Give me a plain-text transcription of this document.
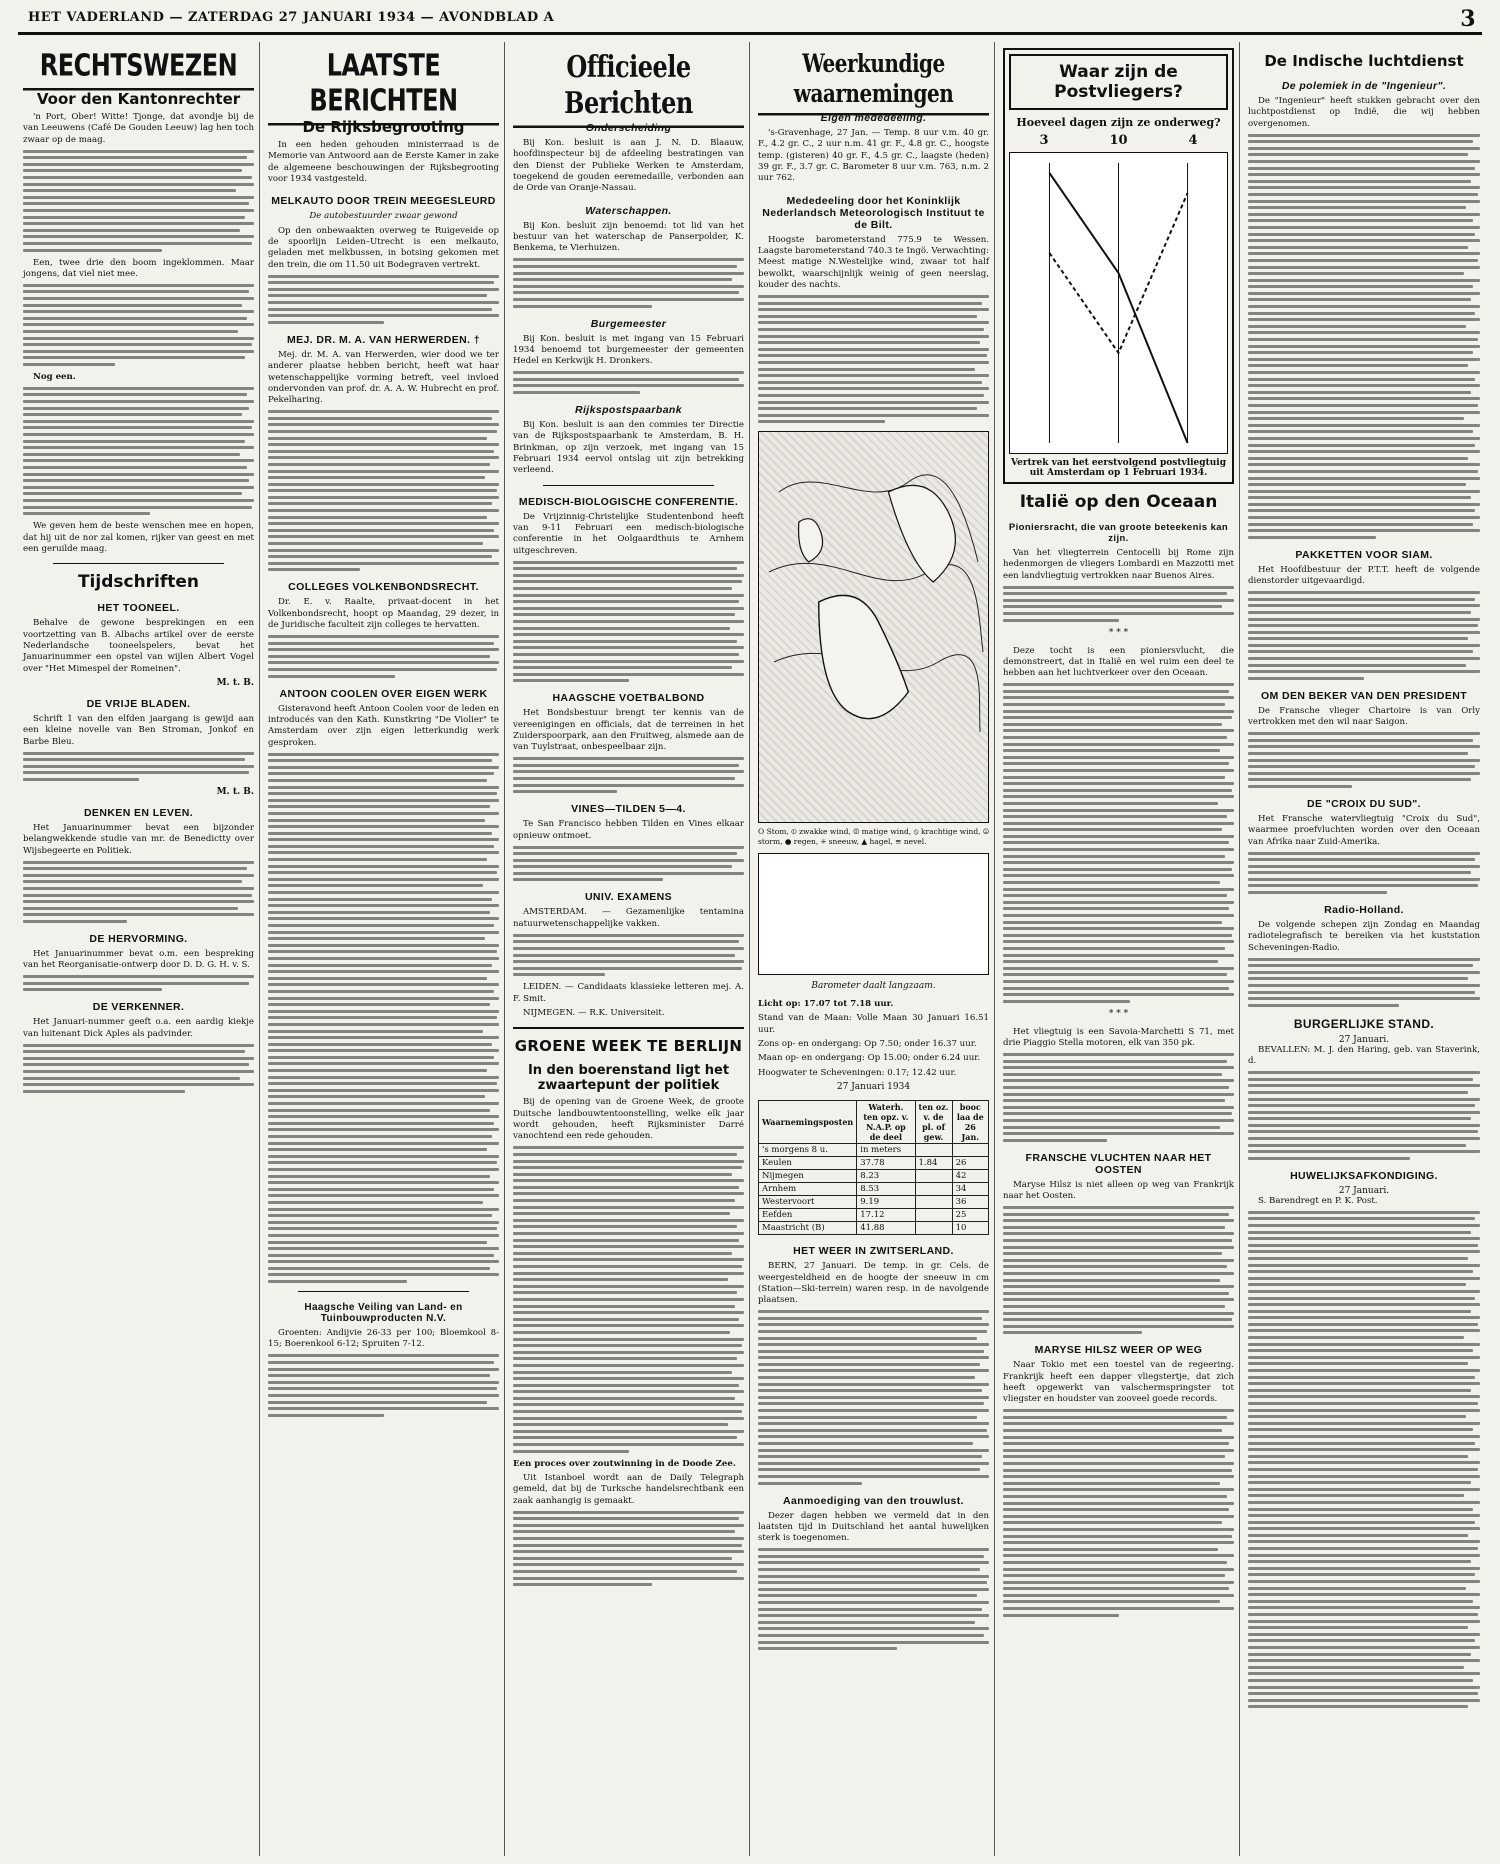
HET VADERLAND — ZATERDAG 27 JANUARI 1934 — AVONDBLAD A	3
RECHTSWEZEN
Voor den Kantonrechter
'n Port, Ober! Witte! Tjonge, dat avondje bij de van Leeuwens (Café De Gouden Leeuw) lag hen toch zwaar op de maag.
Een, twee drie den boom ingeklommen. Maar jongens, dat viel niet mee.
Nog een.
We geven hem de beste wenschen mee en hopen, dat hij uit de nor zal komen, rijker van geest en met een geruilde maag.
Tijdschriften
HET TOONEEL.
Behalve de gewone besprekingen en een voortzetting van B. Albachs artikel over de eerste Nederlandsche tooneelspelers, bevat het Januarinummer een opstel van wijlen Albert Vogel over "Het Mimespel der Romeinen".
M. t. B.
DE VRIJE BLADEN.
Schrift 1 van den elfden jaargang is gewijd aan een kleine novelle van Ben Stroman, Jonkof en Barbe Bleu.
M. t. B.
DENKEN EN LEVEN.
Het Januarinummer bevat een bijzonder belangwekkende studie van mr. de Benedictty over Wijsbegeerte en Politiek.
DE HERVORMING.
Het Januarinummer bevat o.m. een bespreking van het Reorganisatie-ontwerp door D. D. G. H. v. S.
DE VERKENNER.
Het Januari-nummer geeft o.a. een aardig kiekje van luitenant Dick Aples als padvinder.
LAATSTE BERICHTEN
De Rijksbegrooting
In een heden gehouden ministerraad is de Memorie van Antwoord aan de Eerste Kamer in zake de algemeene beschouwingen der Rijksbegrooting voor 1934 vastgesteld.
MELKAUTO DOOR TREIN MEEGESLEURD
De autobestuurder zwaar gewond
Op den onbewaakten overweg te Ruigeveide op de spoorlijn Leiden–Utrecht is een melkauto, geladen met melkbussen, in botsing gekomen met den trein, die om 11.50 uit Bodegraven vertrekt.
MEJ. DR. M. A. VAN HERWERDEN. †
Mej. dr. M. A. van Herwerden, wier dood we ter anderer plaatse hebben bericht, heeft wat haar wetenschappelijke vorming betreft, veel invloed ondervonden van prof. dr. A. A. W. Hubrecht en prof. Pekelharing.
COLLEGES VOLKENBONDSRECHT.
Dr. E. v. Raalte, privaat-docent in het Volkenbondsrecht, hoopt op Maandag, 29 dezer, in de Juridische faculteit zijn colleges te hervatten.
ANTOON COOLEN OVER EIGEN WERK
Gisteravond heeft Antoon Coolen voor de leden en introducés van den Kath. Kunstkring "De Violier" te Amsterdam over zijn eigen letterkundig werk gesproken.
Haagsche Veiling van Land- en Tuinbouwproducten N.V.
Groenten: Andijvie 26-33 per 100; Bloemkool 8-15; Boerenkool 6-12; Spruiten 7-12.
Officieele Berichten
Onderscheiding
Bij Kon. besluit is aan J. N. D. Blaauw, hoofdinspecteur bij de afdeeling bestratingen van den Dienst der Publieke Werken te Amsterdam, toegekend de gouden eeremedaille, verbonden aan de Orde van Oranje-Nassau.
Waterschappen.
Bij Kon. besluit zijn benoemd: tot lid van het bestuur van het waterschap de Panserpolder, K. Benkema, te Vierhuizen.
Burgemeester
Bij Kon. besluit is met ingang van 15 Februari 1934 benoemd tot burgemeester der gemeenten Hedel en Kerkwijk H. Dronkers.
Rijkspostspaarbank
Bij Kon. besluit is aan den commies ter Directie van de Rijkspostspaarbank te Amsterdam, B. H. Brinkman, op zijn verzoek, met ingang van 15 Februari 1934 eervol ontslag uit zijn betrekking verleend.
MEDISCH-BIOLOGISCHE CONFERENTIE.
De Vrijzinnig-Christelijke Studentenbond heeft van 9-11 Februari een medisch-biologische conferentie in het Oolgaardthuis te Arnhem uitgeschreven.
HAAGSCHE VOETBALBOND
Het Bondsbestuur brengt ter kennis van de vereenigingen en officials, dat de terreinen in het Zuiderspoorpark, aan den Fruitweg, alsmede aan de van Tuylstraat, onbespeelbaar zijn.
VINES—TILDEN 5—4.
Te San Francisco hebben Tilden en Vines elkaar opnieuw ontmoet.
UNIV. EXAMENS
AMSTERDAM. — Gezamenlijke tentamina natuurwetenschappelijke vakken.
LEIDEN. — Candidaats klassieke letteren mej. A. F. Smit.
NIJMEGEN. — R.K. Universiteit.
GROENE WEEK TE BERLIJN
In den boerenstand ligt het zwaartepunt der politiek
Bij de opening van de Groene Week, de groote Duitsche landbouwtentoonstelling, welke elk jaar wordt gehouden, heeft Rijksminister Darré vanochtend een rede gehouden.
Een proces over zoutwinning in de Doode Zee.
Uit Istanboel wordt aan de Daily Telegraph gemeld, dat bij de Turksche handelsrechtbank een zaak aanhangig is gemaakt.
Weerkundige waarnemingen
Eigen mededeeling.
's-Gravenhage, 27 Jan. — Temp. 8 uur v.m. 40 gr. F., 4.2 gr. C., 2 uur n.m. 41 gr. F., 4.8 gr. C., hoogste temp. (gisteren) 40 gr. F., 4.5 gr. C., laagste (heden) 39 gr. F., 3.7 gr. C. Barometer 8 uur v.m. 763, n.m. 2 uur 762.
Mededeeling door het Koninklijk Nederlandsch Meteorologisch Instituut te de Bilt.
Hoogste barometerstand 775.9 te Wessen. Laagste barometerstand 740.3 te Ingö. Verwachting: Meest matige N.Westelijke wind, zwaar tot half bewolkt, waarschijnlijk weinig of geen neerslag, kouder des nachts.
O Stom, ⦶ zwakke wind, ⦷ matige wind, ⦸ krachtige wind, ⦹ storm, ● regen, ✳ sneeuw, ▲ hagel, ≡ nevel.
Barometer daalt langzaam.
Licht op: 17.07 tot 7.18 uur.
Stand van de Maan: Volle Maan 30 Januari 16.51 uur.
Zons op- en ondergang: Op 7.50; onder 16.37 uur.
Maan op- en ondergang: Op 15.00; onder 6.24 uur.
Hoogwater te Scheveningen: 0.17; 12.42 uur.
27 Januari 1934
Waarnemingsposten	Waterh. ten opz. v. N.A.P. op de deel	ten oz. v. de pl. of gew.	booc laa de 26 Jan.
's morgens 8 u.	in meters		
Keulen	37.78	1.84	26
Nijmegen	8.23		42
Arnhem	8.53		34
Westervoort	9.19		36
Eefden	17.12		25
Maastricht (B)	41.88		10
HET WEER IN ZWITSERLAND.
BERN, 27 Januari. De temp. in gr. Cels. de weergesteldheid en de hoogte der sneeuw in cm (Station—Ski-terrein) waren resp. in de navolgende plaatsen.
Aanmoediging van den trouwlust.
Dezer dagen hebben we vermeld dat in den laatsten tijd in Duitschland het aantal huwelijken sterk is toegenomen.
Waar zijn de Postvliegers?
Hoeveel dagen zijn ze onderweg?
3	10	4
Vertrek van het eerstvolgend postvliegtuig uit Amsterdam op 1 Februari 1934.
Italië op den Oceaan
Pioniersracht, die van groote beteekenis kan zijn.
Van het vliegterrein Centocelli bij Rome zijn hedenmorgen de vliegers Lombardi en Mazzotti met een landvliegtuig vertrokken naar Buenos Aires.
* * *
Deze tocht is een pioniersvlucht, die demonstreert, dat in Italië en wel ruim een deel te hebben aan het luchtverkeer over den Oceaan.
* * *
Het vliegtuig is een Savoia-Marchetti S 71, met drie Piaggio Stella motoren, elk van 350 pk.
FRANSCHE VLUCHTEN NAAR HET OOSTEN
Maryse Hilsz is niet alleen op weg van Frankrijk naar het Oosten.
MARYSE HILSZ WEER OP WEG
Naar Tokio met een toestel van de regeering. Frankrijk heeft een dapper vliegstertje, dat zich heeft opgewerkt van valschermspringster tot vliegster en houdster van zooveel goede records.
De Indische luchtdienst
De polemiek in de "Ingenieur".
De "Ingenieur" heeft stukken gebracht over den luchtpostdienst op Indië, die wij hebben overgenomen.
PAKKETTEN VOOR SIAM.
Het Hoofdbestuur der P.T.T. heeft de volgende dienstorder uitgevaardigd.
OM DEN BEKER VAN DEN PRESIDENT
De Fransche vlieger Chartoire is van Orly vertrokken met den wil naar Saigon.
DE "CROIX DU SUD".
Het Fransche watervliegtuig "Croix du Sud", waarmee proefvluchten worden over den Oceaan van Afrika naar Zuid-Amerika.
Radio-Holland.
De volgende schepen zijn Zondag en Maandag radiotelegrafisch te bereiken via het kuststation Scheveningen-Radio.
BURGERLIJKE STAND.
27 Januari.
BEVALLEN: M. J. den Haring, geb. van Staverink, d.
HUWELIJKSAFKONDIGING.
27 Januari.
S. Barendregt en P. K. Post.
